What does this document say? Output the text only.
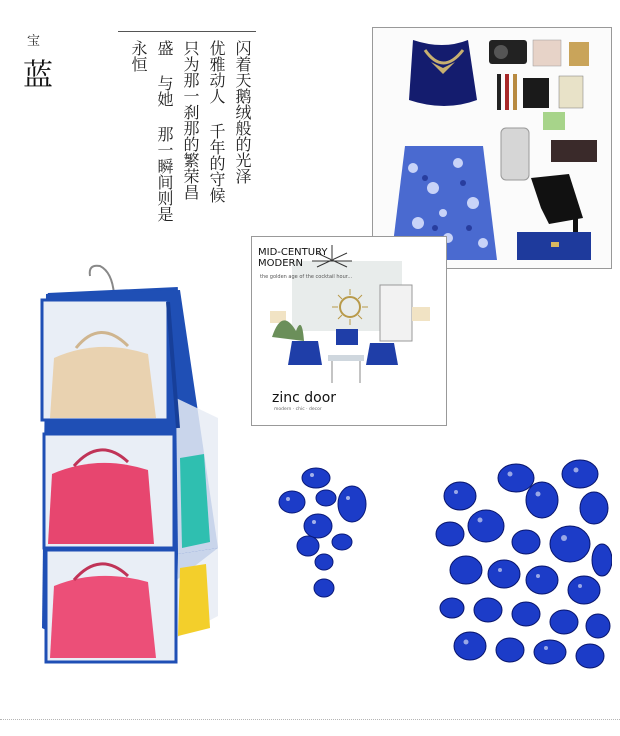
宝
蓝	闪着天鹅绒般的光泽
优雅动人 千年的守候
只为那一刹那的繁荣昌
盛 与她 那一瞬间则是
永恒
MID-CENTURY
MODERN
the golden age of the cocktail hour...
zinc door
modern · chic · decor
